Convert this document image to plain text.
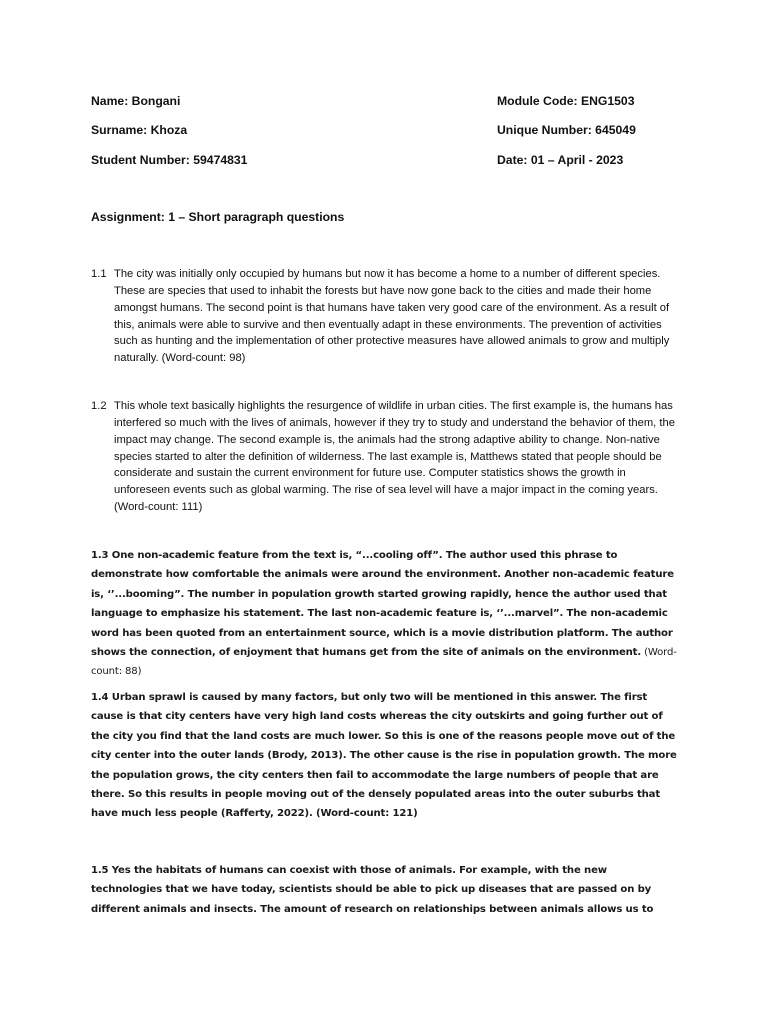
Name: Bongani
Surname: Khoza
Student Number: 59474831
Module Code: ENG1503
Unique Number: 645049
Date: 01 – April - 2023
Assignment: 1 – Short paragraph questions
1.1 The city was initially only occupied by humans but now it has become a home to a number of different species. These are species that used to inhabit the forests but have now gone back to the cities and made their home amongst humans. The second point is that humans have taken very good care of the environment. As a result of this, animals were able to survive and then eventually adapt in these environments. The prevention of activities such as hunting and the implementation of other protective measures have allowed animals to grow and multiply naturally. (Word-count: 98)
1.2 This whole text basically highlights the resurgence of wildlife in urban cities. The first example is, the humans has interfered so much with the lives of animals, however if they try to study and understand the behavior of them, the impact may change. The second example is, the animals had the strong adaptive ability to change. Non-native species started to alter the definition of wilderness. The last example is, Matthews stated that people should be considerate and sustain the current environment for future use. Computer statistics shows the growth in unforeseen events such as global warming. The rise of sea level will have a major impact in the coming years. (Word-count: 111)
1.3 One non-academic feature from the text is, “...cooling off”. The author used this phrase to demonstrate how comfortable the animals were around the environment. Another non-academic feature is, ‘’...booming”. The number in population growth started growing rapidly, hence the author used that language to emphasize his statement. The last non-academic feature is, ‘’...marvel”. The non-academic word has been quoted from an entertainment source, which is a movie distribution platform. The author shows the connection, of enjoyment that humans get from the site of animals on the environment. (Word-count: 88)
1.4 Urban sprawl is caused by many factors, but only two will be mentioned in this answer. The first cause is that city centers have very high land costs whereas the city outskirts and going further out of the city you find that the land costs are much lower. So this is one of the reasons people move out of the city center into the outer lands (Brody, 2013). The other cause is the rise in population growth. The more the population grows, the city centers then fail to accommodate the large numbers of people that are there. So this results in people moving out of the densely populated areas into the outer suburbs that have much less people (Rafferty, 2022). (Word-count: 121)
1.5 Yes the habitats of humans can coexist with those of animals. For example, with the new technologies that we have today, scientists should be able to pick up diseases that are passed on by different animals and insects. The amount of research on relationships between animals allows us to
